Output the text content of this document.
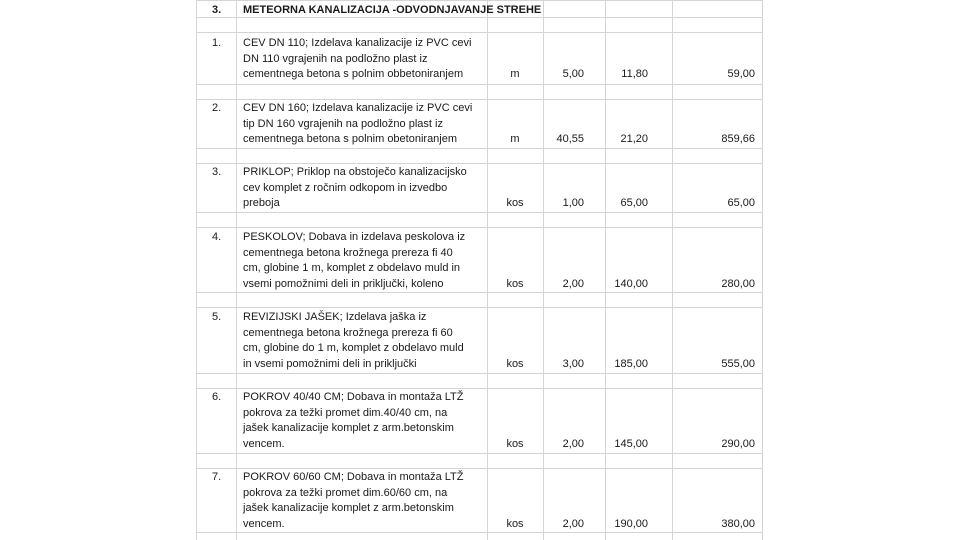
3. METEORNA KANALIZACIJA -ODVODNJAVANJE STREHE
1. CEV DN 110; Izdelava kanalizacije iz PVC cevi
DN 110 vgrajenih na podložno plast iz
cementnega betona s polnim obbetoniranjem	m	5,00	11,80	59,00
2. CEV DN 160; Izdelava kanalizacije iz PVC cevi
tip DN 160 vgrajenih na podložno plast iz
cementnega betona s polnim obetoniranjem	m	40,55	21,20	859,66
3. PRIKLOP; Priklop na obstoječo kanalizacijsko
cev komplet z ročnim odkopom in izvedbo
preboja	kos	1,00	65,00	65,00
4. PESKOLOV; Dobava in izdelava peskolova iz
cementnega betona krožnega prereza fi 40
cm, globine 1 m, komplet z obdelavo muld in
vsemi pomožnimi deli in priključki, koleno	kos	2,00	140,00	280,00
5. REVIZIJSKI JAŠEK; Izdelava jaška iz
cementnega betona krožnega prereza fi 60
cm, globine do 1 m, komplet z obdelavo muld
in vsemi pomožnimi deli in priključki	kos	3,00	185,00	555,00
6. POKROV 40/40 CM; Dobava in montaža LTŽ
pokrova za težki promet dim.40/40 cm, na
jašek kanalizacije komplet z arm.betonskim
vencem.	kos	2,00	145,00	290,00
7. POKROV 60/60 CM; Dobava in montaža LTŽ
pokrova za težki promet dim.60/60 cm, na
jašek kanalizacije komplet z arm.betonskim
vencem.	kos	2,00	190,00	380,00
